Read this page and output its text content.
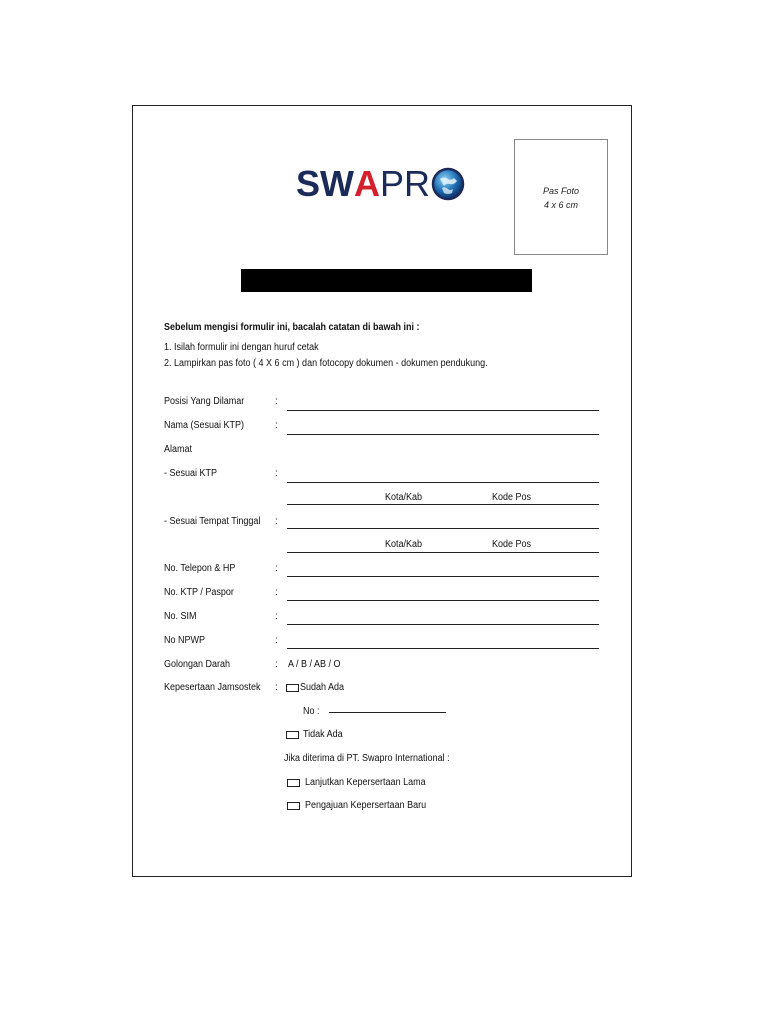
SW A PR	Pas Foto
4 x 6 cm
Sebelum mengisi formulir ini, bacalah catatan di bawah ini :
1. Isilah formulir ini dengan huruf cetak
2. Lampirkan pas foto ( 4 X 6 cm ) dan fotocopy dokumen - dokumen pendukung.
Posisi Yang Dilamar	:
Nama (Sesuai KTP)	:
Alamat
- Sesuai KTP	:
Kota/Kab	Kode Pos
- Sesuai Tempat Tinggal :
Kota/Kab	Kode Pos
No. Telepon & HP	:
No. KTP / Paspor	:
No. SIM	:
No NPWP	:
Golongan Darah	: A / B / AB / O
Kepesertaan Jamsostek : Sudah Ada
No :
Tidak Ada
Jika diterima di PT. Swapro International :
Lanjutkan Kepersertaan Lama
Pengajuan Kepersertaan Baru
